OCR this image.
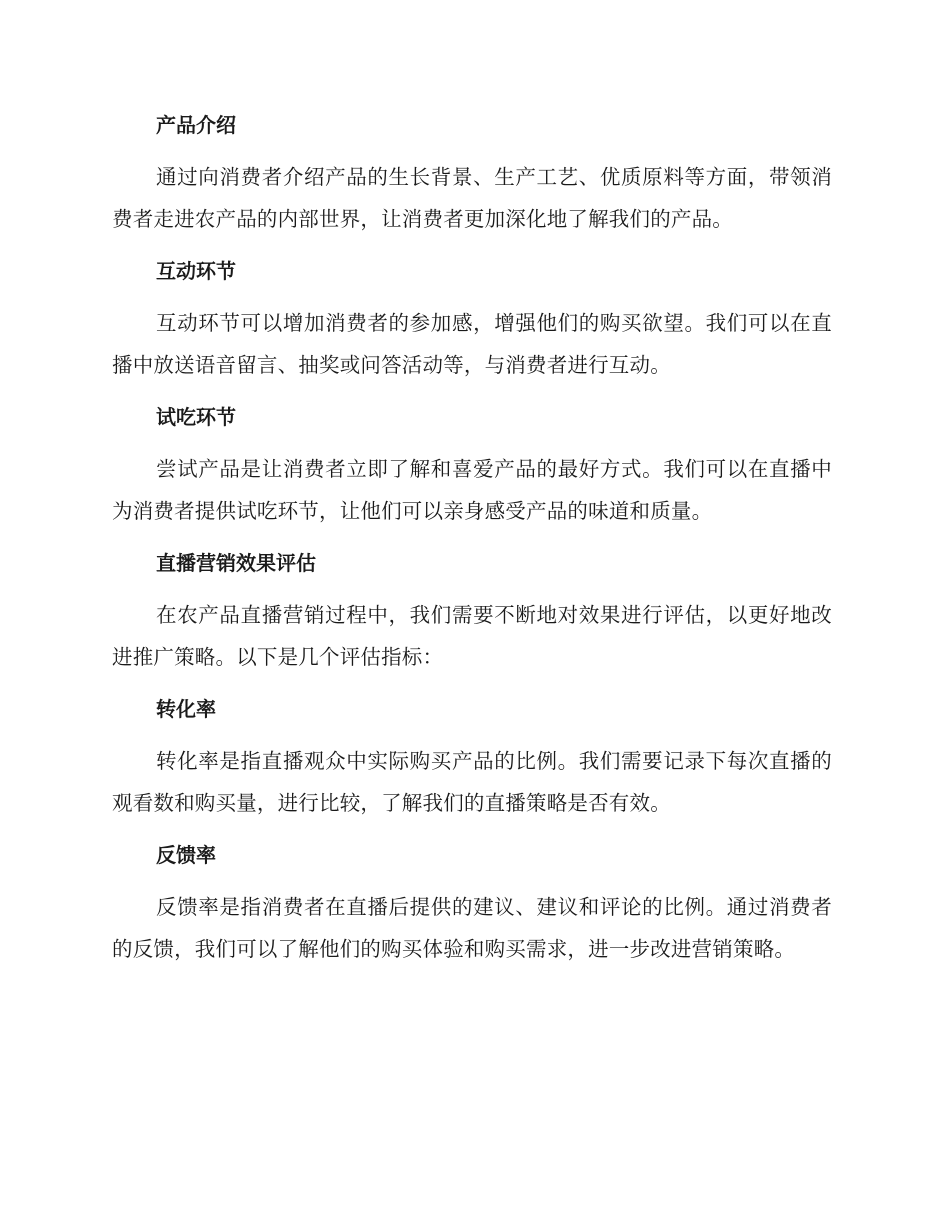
产品介绍

通过向消费者介绍产品的生长背景、生产工艺、优质原料等方面，带领消费者走进农产品的内部世界，让消费者更加深化地了解我们的产品。

互动环节

互动环节可以增加消费者的参加感，增强他们的购买欲望。我们可以在直播中放送语音留言、抽奖或问答活动等，与消费者进行互动。

试吃环节

尝试产品是让消费者立即了解和喜爱产品的最好方式。我们可以在直播中为消费者提供试吃环节，让他们可以亲身感受产品的味道和质量。

直播营销效果评估

在农产品直播营销过程中，我们需要不断地对效果进行评估，以更好地改进推广策略。以下是几个评估指标：

转化率

转化率是指直播观众中实际购买产品的比例。我们需要记录下每次直播的观看数和购买量，进行比较，了解我们的直播策略是否有效。

反馈率

反馈率是指消费者在直播后提供的建议、建议和评论的比例。通过消费者的反馈，我们可以了解他们的购买体验和购买需求，进一步改进营销策略。
